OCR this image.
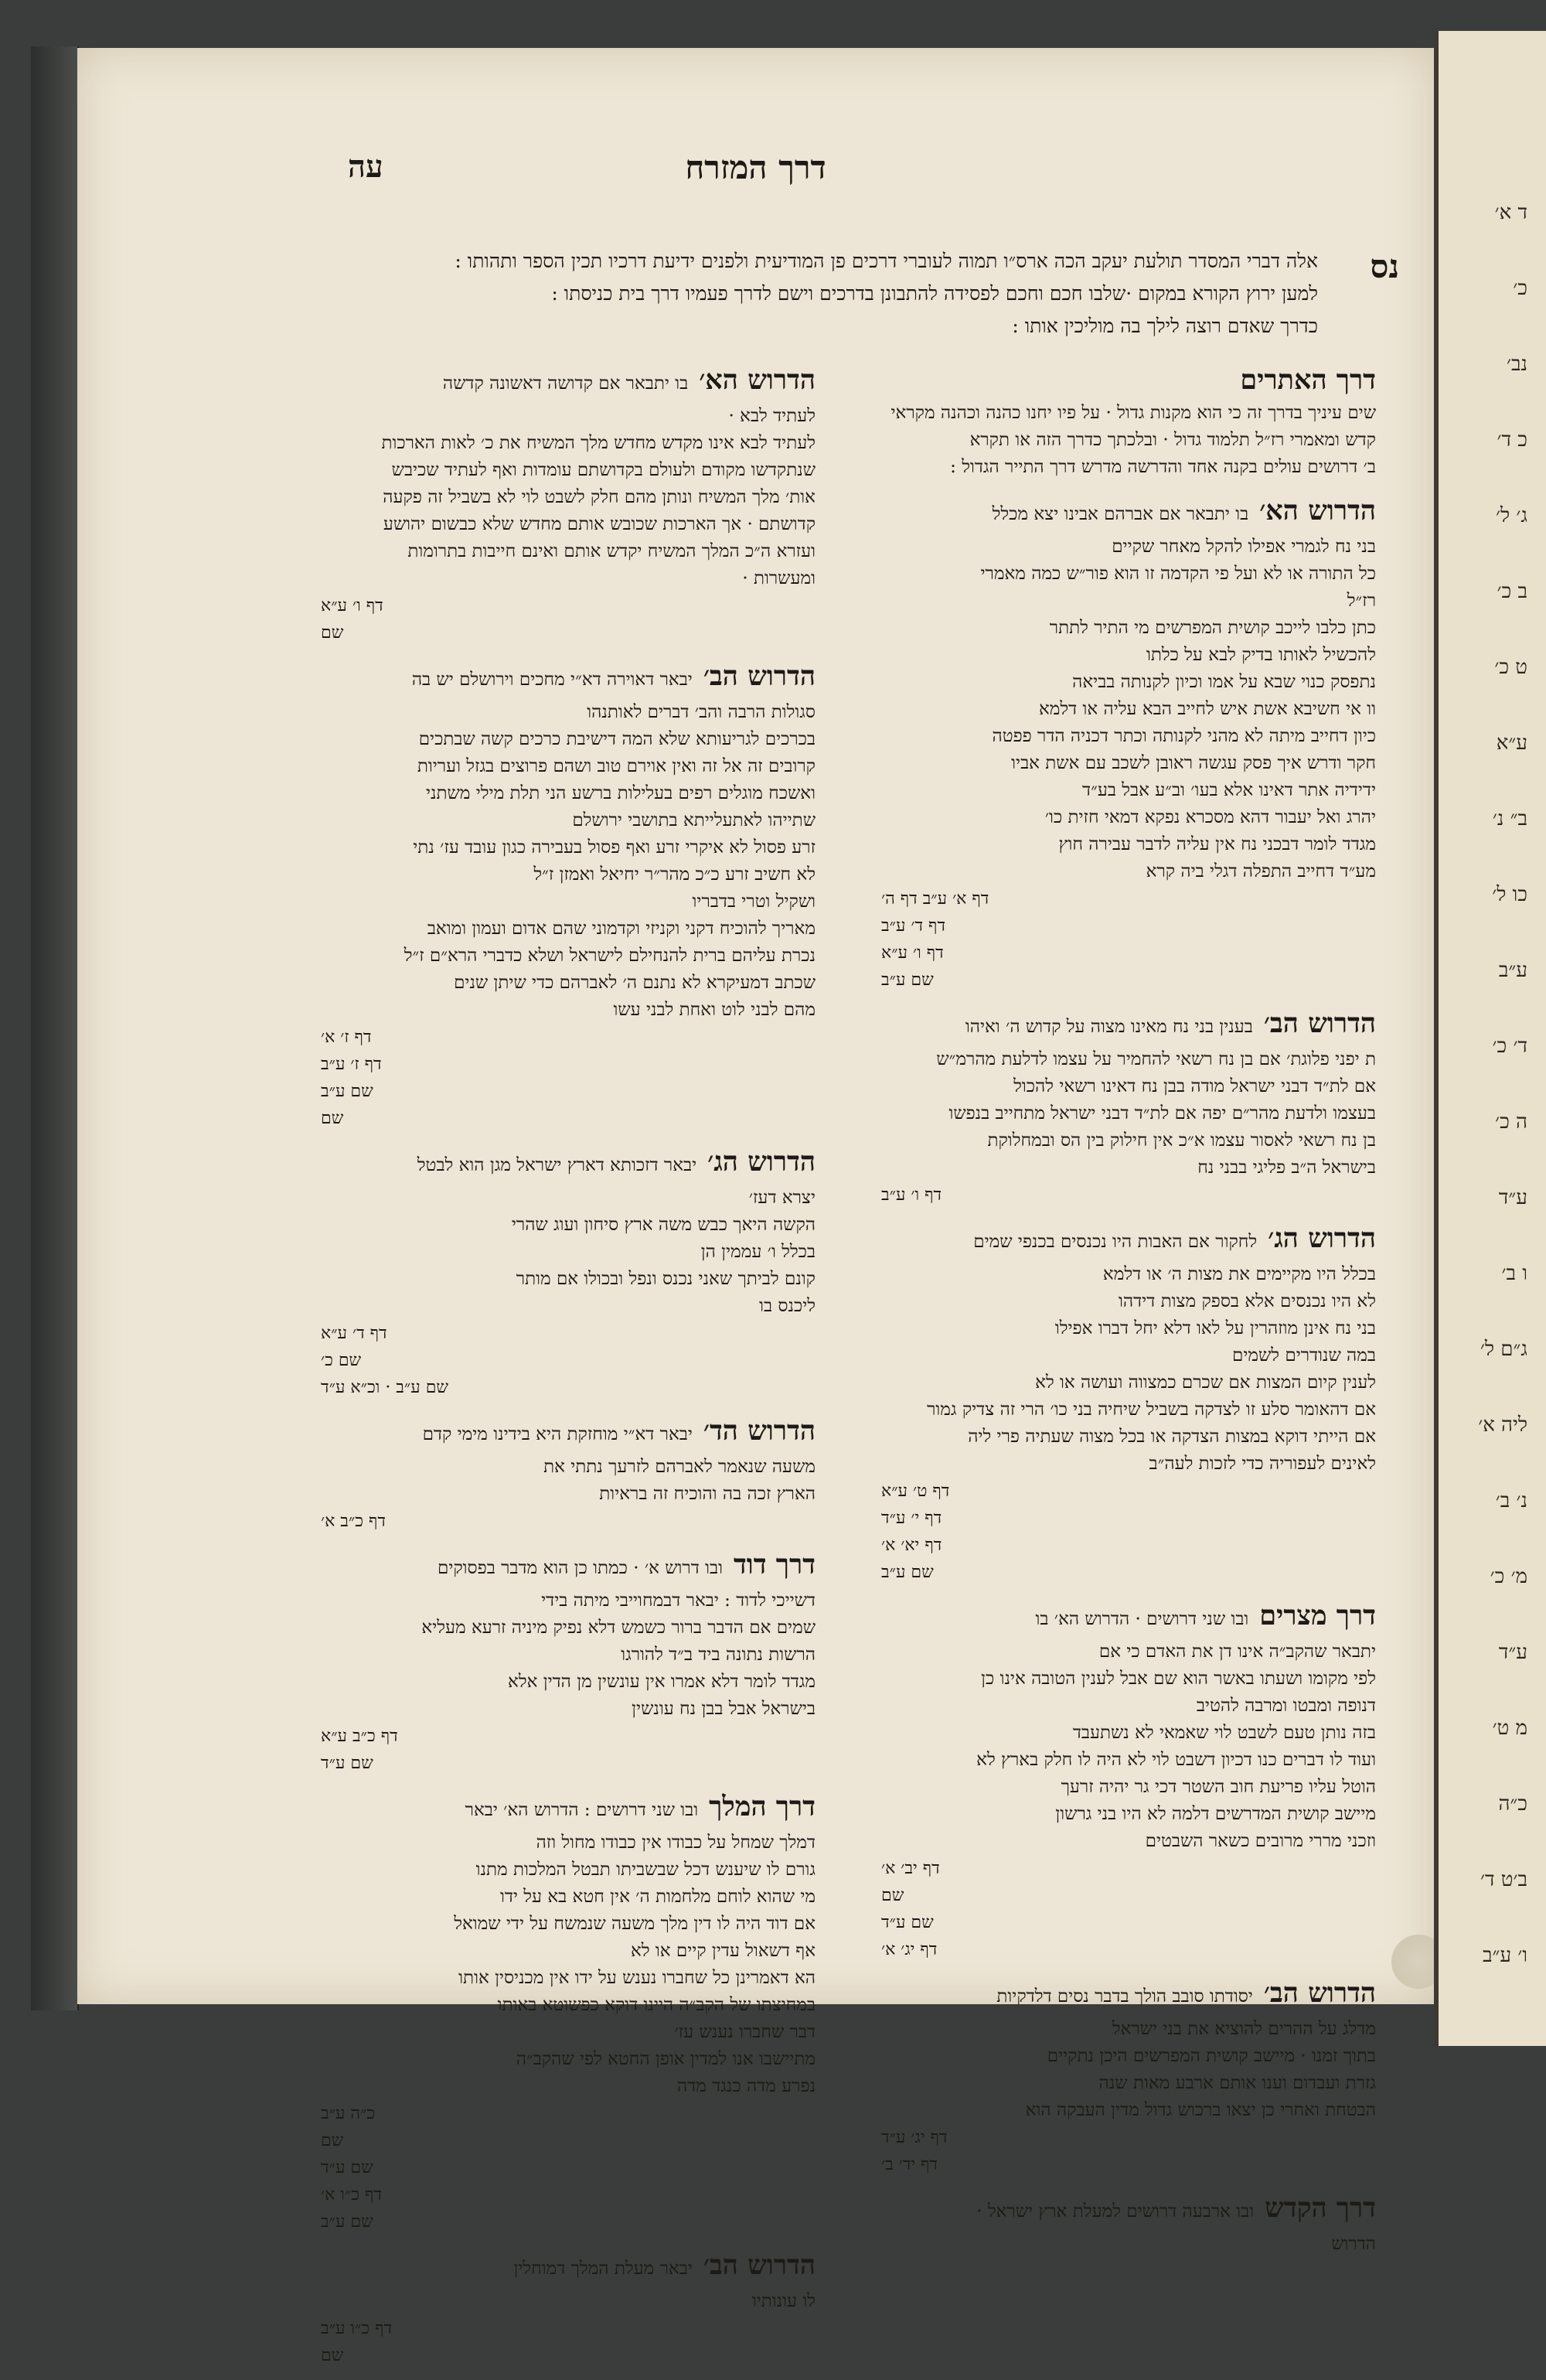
דרך המזרח
עה
נס

אלה דברי המסדר תולעת יעקב הכה ארס״ו תמוה לעוברי דרכים פן המודיעית ולפנים ידיעת דרכיו תכין הספר ותהותו :

למען ירוץ הקורא במקום ·שלבו חכם וחכם לפסידה להתבונן בדרכים וישם לדרך פעמיו דרך בית כניסתו :

כדרך שאדם רוצה לילך בה מוליכין אותו :

דרך האתרים
שים עיניך בדרך זה כי הוא מקנות גדול · על פיו יחנו כהנה וכהנה מקראי
קדש ומאמרי רז״ל תלמוד גדול · ובלכתך כדרך הזה או תקרא
ב׳ דרושים עולים בקנה אחד והדרשה מדרש דרך התייר הגדול :
הדרוש הא׳בו יתבאר אם אברהם אבינו יצא מכלל
בני נח לגמרי אפילו להקל מאחר שקיים
כל התורה או לא ועל פי הקדמה זו הוא פור״ש כמה מאמרי
רז״ל
כתן כלבו לייכב קושית המפרשים מי התיר לתתר
להכשיל לאותו בדיק לבא על כלתו
נתפסק כנוי שבא על אמו וכיון לקנותה בביאה
וו אי חשיבא אשת איש לחייב הבא עליה או דלמא
כיון דחייב מיתה לא מהני לקנותה וכתר דכניה הדר פפטה
חקר ודרש איך פסק עגשה ראובן לשכב עם אשת אביו
ידידיה אתר דאינו אלא בעו׳ וב״ע אבל בע״ד
יהרג ואל יעבור דהא מסכרא נפקא דמאי חזית כו׳
מגדד לומר דבכני נח אין עליה לדבר עבירה חוץ
מע״ד דחייב התפלה דגלי ביה קרא
דף א׳ ע״ב דף ה׳
דף ד׳ ע״ב
דף ו׳ ע״א
שם ע״ב
הדרוש הב׳בענין בני נח מאינו מצוה על קדוש ה׳ ואיהו
ת יפני פלוגת׳ אם בן נח רשאי להחמיר על עצמו לדלעת מהרמ״ש
אם לת״ד דבני ישראל מודה בבן נח דאינו רשאי להכול
בעצמו ולדעת מהר״ם יפה אם לת״ד דבני ישראל מתחייב בנפשו
בן נח רשאי לאסור עצמו א״כ אין חילוק בין הס ובמחלוקת
בישראל ה״ב פליגי בבני נח
דף ו׳ ע״ב
הדרוש הג׳לחקור אם האבות היו נכנסים בכנפי שמים
בכלל היו מקיימים את מצות ה׳ או דלמא
לא היו נכנסים אלא בספק מצות דידהו
בני נח אינן מוזהרין על לאו דלא יחל דברו אפילו
במה שנודרים לשמים
לענין קיום המצות אם שכרם כמצווה ועושה או לא
אם דהאומר סלע זו לצדקה בשביל שיחיה בני כו׳ הרי זה צדיק גמור
אם הייתי דוקא במצות הצדקה או בכל מצוה שעתיה פרי ליה
לאינים לעפוריה כדי לזכות לעה״ב
דף ט׳ ע״א
דף י׳ ע״ד
דף יא׳ א׳
שם ע״ב
דרך מצריםובו שני דרושים · הדרוש הא׳ בו
יתבאר שהקב״ה אינו דן את האדם כי אם
לפי מקומו ושעתו באשר הוא שם אבל לענין הטובה אינו כן
דנופה ומבטו ומרבה להטיב
בזה נותן טעם לשבט לוי שאמאי לא נשתעבד
ועוד לו דברים כנו דכיון דשבט לוי לא היה לו חלק בארץ לא
הוטל עליו פריעת חוב השטר דכי גר יהיה זרעך
מיישב קושית המדרשים דלמה לא היו בני גרשון
וזכני מררי מרובים כשאר השבטים
דף יב׳ א׳
שם
שם ע״ד
דף יג׳ א׳
הדרוש הב׳יסודתו סובב הולך בדבר נסים דלדקיות
מדלג על ההרים להוציא את בני ישראל
בתוך זמנו · מיישב קושית המפרשים היכן נתקיים
גזרת ועבדום וענו אותם ארבע מאות שנה
הבטחת ואחרי כן יצאו ברכוש גדול מדין העבקה הוא
דף יג׳ ע״ד
דף יד׳ ב׳
דרך הקדשובו ארבעה דרושים למעלת ארץ ישראל ·
הדרוש
הדרוש הא׳בו יתבאר אם קדושה דאשונה קדשה
לעתיד לבא ·
לעתיד לבא אינו מקדש מחדש מלך המשיח את כ׳ לאות הארכות
שנתקדשו מקודם ולעולם בקדושתם עומדות ואף לעתיד שכיבש
אות׳ מלך המשיח ונותן מהם חלק לשבט לוי לא בשביל זה פקעה
קדושתם · אך הארכות שכובש אותם מחדש שלא כבשום יהושע
ועזרא ה״כ המלך המשיח יקדש אותם ואינם חייבות בתרומות
ומעשרות ·
דף ו׳ ע״א
שם
הדרוש הב׳יבאר דאוירה דא״י מחכים וירושלם יש בה
סגולות הרבה והב׳ דברים לאותנהו
בכרכים לגריעותא שלא המה דישיבת כרכים קשה שבתכים
קרובים זה אל זה ואין אוירם טוב ושהם פרוצים בגזל ועריות
ואשכח מוגלים רפים בעלילות ברשע הני תלת מילי משתני
שתייהו לאתעלייתא בתושבי ירושלם
זרע פסול לא איקרי זרע ואף פסול בעבירה כגון עובד עז׳ נתי
לא חשיב זרע כ״כ מהר״ר יחיאל ואמזן ז״ל
ושקיל וטרי בדבריו
מאריך להוכיח דקני וקניזי וקדמוני שהם אדום ועמון ומואב
נכרת עליהם ברית להנחילם לישראל ושלא כדברי הרא״ם ז״ל
שכתב דמעיקרא לא נתנם ה׳ לאברהם כדי שיתן שנים
מהם לבני לוט ואחת לבני עשו
דף ז׳ א׳
דף ז׳ ע״ב
שם ע״ב
שם
הדרוש הג׳יבאר דזכותא דארץ ישראל מגן הוא לבטל
יצרא דעז׳
הקשה היאך כבש משה ארץ סיחון ועוג שהרי
בכלל ו׳ עממין הן
קונם לביתך שאני נכנס ונפל ובכולו אם מותר
ליכנס בו
דף ד׳ ע״א
שם כ׳
שם ע״ב · וכ״א ע״ד
הדרוש הד׳יבאר דא״י מוחזקת היא בידינו מימי קדם
משעה שנאמר לאברהם לזרעך נתתי את
הארץ זכה בה והוכיח זה בראיות
דף כ״ב א׳
דרך דודובו דרוש א׳ · כמתו כן הוא מדבר בפסוקים
דשייכי לדוד : יבאר דבמחוייבי מיתה בידי
שמים אם הדבר ברור כשמש דלא נפיק מיניה זרעא מעליא
הרשות נתונה ביד ב״ד להורגו
מגדד לומר דלא אמרו אין עונשין מן הדין אלא
בישראל אבל בבן נח עונשין
דף כ״ב ע״א
שם ע״ד
דרך המלךובו שני דרושים : הדרוש הא׳ יבאר
דמלך שמחל על כבודו אין כבודו מחול וזה
גורם לו שיענש דכל שבשביתו תבטל המלכות מתנו
מי שהוא לוחם מלחמות ה׳ אין חטא בא על ידו
אם דוד היה לו דין מלך משעה שנמשח על ידי שמואל
אף דשאול עדין קיים או לא
הא דאמרינן כל שחברו נענש על ידו אין מכניסין אותו
במחיצתו של הקב״ה היינו דוקא כפשוטא באותו
דבר שחברו נענש עז׳
מתיישבו אנו למדין אופן החטא לפי שהקב״ה
נפרע מדה כנגד מדה
כ״ה ע״ב
שם
שם ע״ד
דף כ״ו א׳
שם ע״ב
הדרוש הב׳יבאר מעלת המלך דמוחלין
לו עונותיו
דף כ״ו ע״ב
שם
ד א׳
כ׳
נב׳
כ ד׳
ג׳ ל׳
ב כ׳
ט כ׳
ע״א
ב״ נ׳
כו ל׳
ע״ב
ד׳ כ׳
ה כ׳
ע״ד
ו ב׳
ג״ם ל׳
ליה א׳
נ׳ ב׳
מ׳ כ׳
ע״ד
מ ט׳
כ״ה
ב׳ט ד׳
ו׳ ע״ב
